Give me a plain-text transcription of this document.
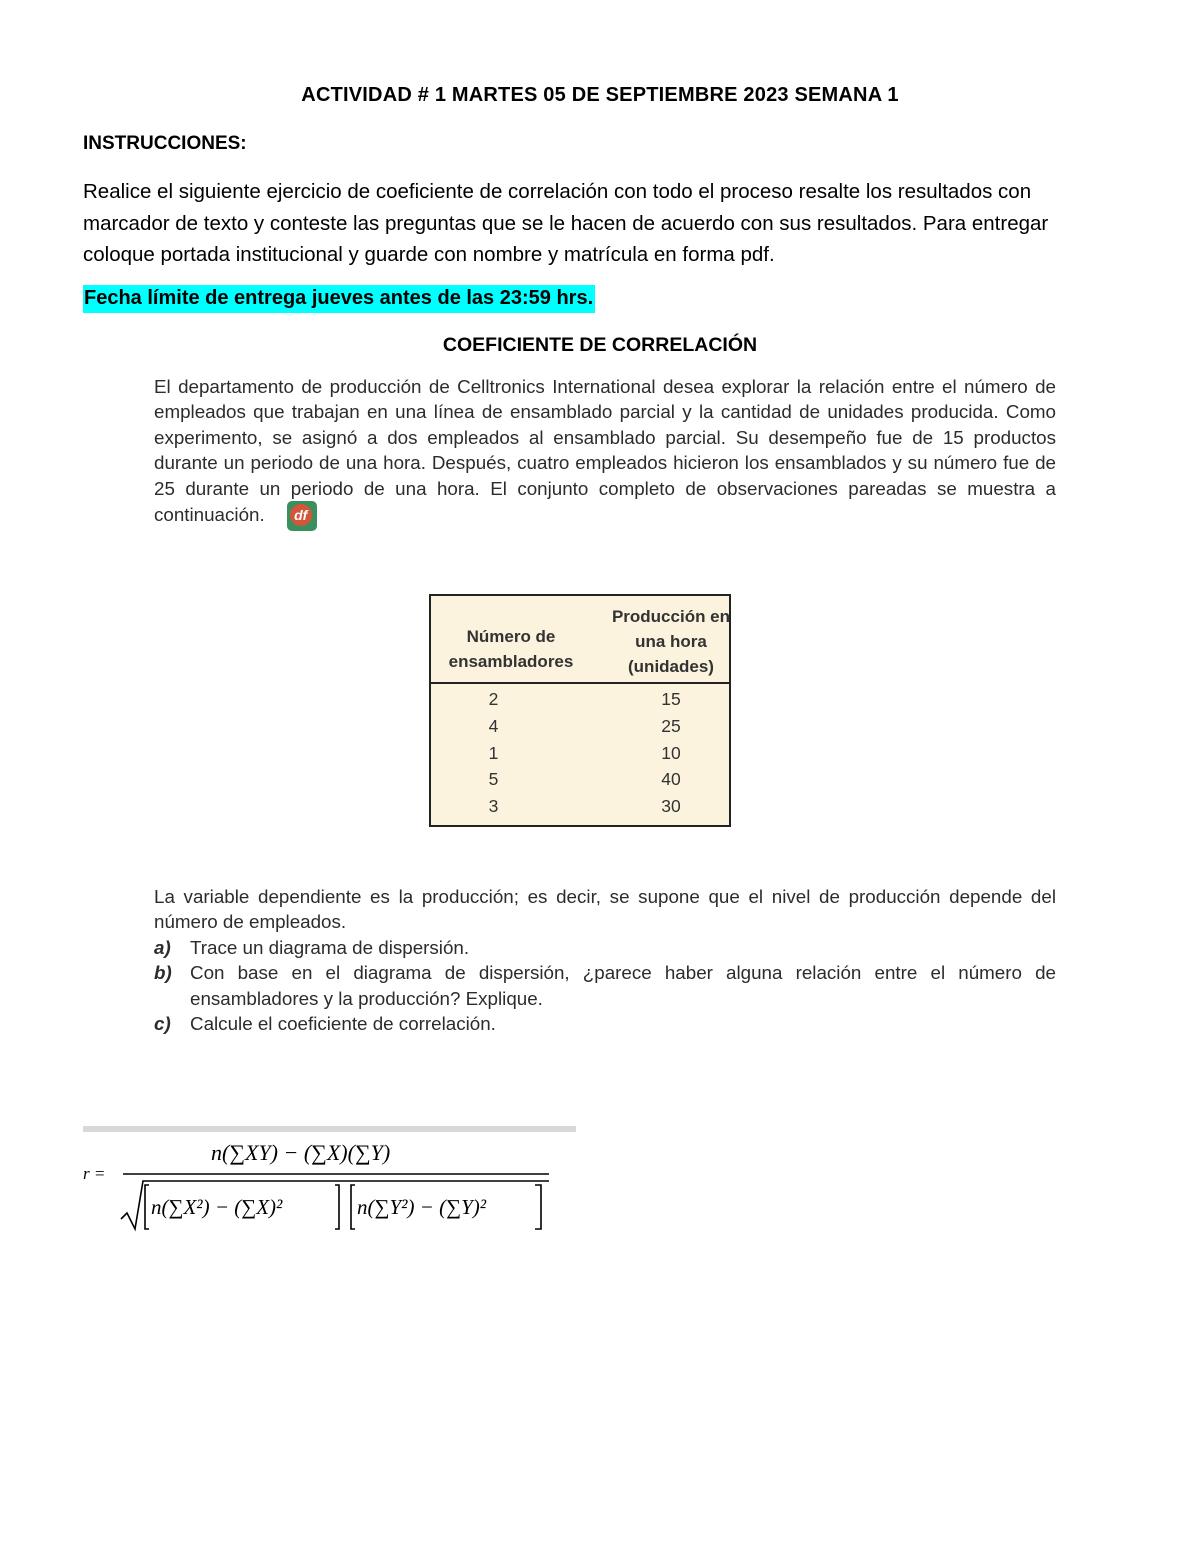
ACTIVIDAD # 1 MARTES 05 DE SEPTIEMBRE 2023 SEMANA 1
INSTRUCCIONES:
Realice el siguiente ejercicio de coeficiente de correlación con todo el proceso resalte los resultados con marcador de texto y conteste las preguntas que se le hacen de acuerdo con sus resultados. Para entregar coloque portada institucional y guarde con nombre y matrícula en forma pdf.
Fecha límite de entrega jueves antes de las 23:59 hrs.
COEFICIENTE DE CORRELACIÓN
El departamento de producción de Celltronics International desea explorar la relación entre el número de empleados que trabajan en una línea de ensamblado parcial y la cantidad de unidades producida. Como experimento, se asignó a dos empleados al ensamblado parcial. Su desempeño fue de 15 productos durante un periodo de una hora. Después, cuatro empleados hicieron los ensamblados y su número fue de 25 durante un periodo de una hora. El conjunto completo de observaciones pareadas se muestra a continuación.	df
Número de ensambladores
Producción en una hora (unidades)
2	15
4	25
1	10
5	40
3	30
La variable dependiente es la producción; es decir, se supone que el nivel de producción depende del número de empleados.
a) Trace un diagrama de dispersión.
b) Con base en el diagrama de dispersión, ¿parece haber alguna relación entre el número de ensambladores y la producción? Explique.
c) Calcule el coeficiente de correlación.
r =
n(∑XY) − (∑X)(∑Y)
n(∑X²) − (∑X)²	n(∑Y²) − (∑Y)²
